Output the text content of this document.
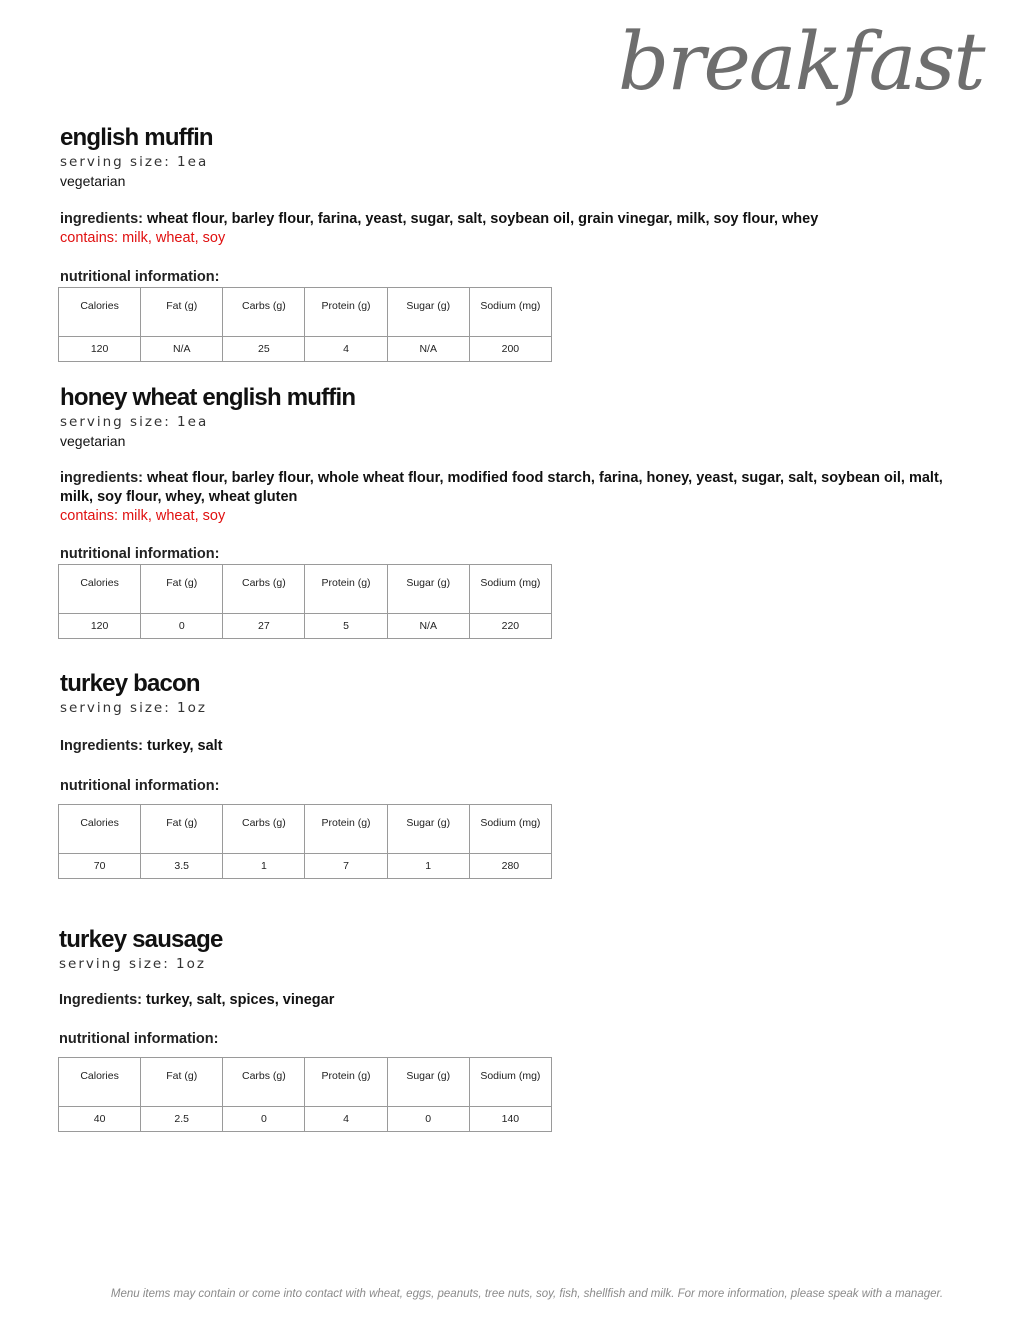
breakfast
english muffin
serving size: 1ea
vegetarian
ingredients: wheat flour, barley flour, farina, yeast, sugar, salt, soybean oil, grain vinegar, milk, soy flour, whey
contains: milk, wheat, soy
nutritional information:
Calories	Fat (g)	Carbs (g)	Protein (g)	Sugar (g)	Sodium (mg)
120	N/A	25	4	N/A	200
honey wheat english muffin
serving size: 1ea
vegetarian
ingredients: wheat flour, barley flour, whole wheat flour, modified food starch, farina, honey, yeast, sugar, salt, soybean oil, malt, milk, soy flour, whey, wheat gluten
contains: milk, wheat, soy
nutritional information:
Calories	Fat (g)	Carbs (g)	Protein (g)	Sugar (g)	Sodium (mg)
120	0	27	5	N/A	220
turkey bacon
serving size: 1oz
Ingredients: turkey, salt
nutritional information:
Calories	Fat (g)	Carbs (g)	Protein (g)	Sugar (g)	Sodium (mg)
70	3.5	1	7	1	280
turkey sausage
serving size: 1oz
Ingredients: turkey, salt, spices, vinegar
nutritional information:
Calories	Fat (g)	Carbs (g)	Protein (g)	Sugar (g)	Sodium (mg)
40	2.5	0	4	0	140
Menu items may contain or come into contact with wheat, eggs, peanuts, tree nuts, soy, fish, shellfish and milk. For more information, please speak with a manager.
